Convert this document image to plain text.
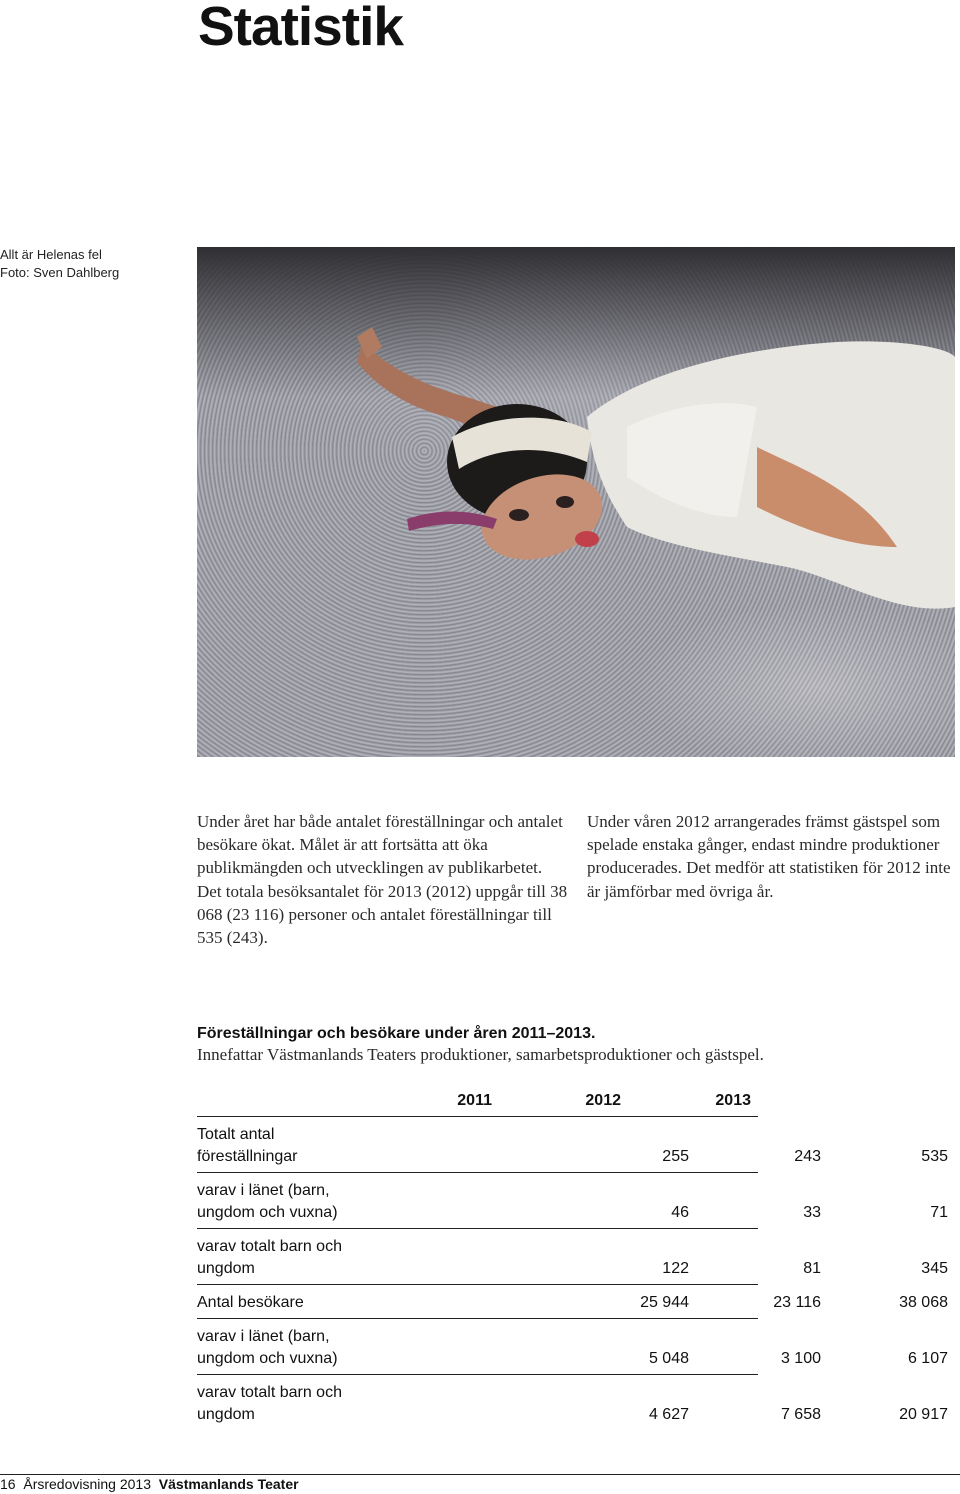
Statistik
Allt är Helenas fel
Foto: Sven Dahlberg
Under året har både antalet föreställningar och antalet besökare ökat. Målet är att fortsätta att öka publikmängden och utvecklingen av publikarbetet. Det totala besöksantalet för 2013 (2012) uppgår till 38 068 (23 116) personer och antalet föreställningar till 535 (243).
Under våren 2012 arrangerades främst gästspel som spelade enstaka gånger, endast mindre produktioner producerades. Det medför att statistiken för 2012 inte är jämförbar med övriga år.
Föreställningar och besökare under åren 2011–2013.
Innefattar Västmanlands Teaters produktioner, samarbetsproduktioner och gästspel.
2011	2012	2013
Totalt antal
föreställningar	255	243	535
varav i länet (barn,
ungdom och vuxna)	46	33	71
varav totalt barn och
ungdom	122	81	345
Antal besökare	25 944	23 116	38 068
varav i länet (barn,
ungdom och vuxna)	5 048	3 100	6 107
varav totalt barn och
ungdom	4 627	7 658	20 917
16 Årsredovisning 2013 Västmanlands Teater
